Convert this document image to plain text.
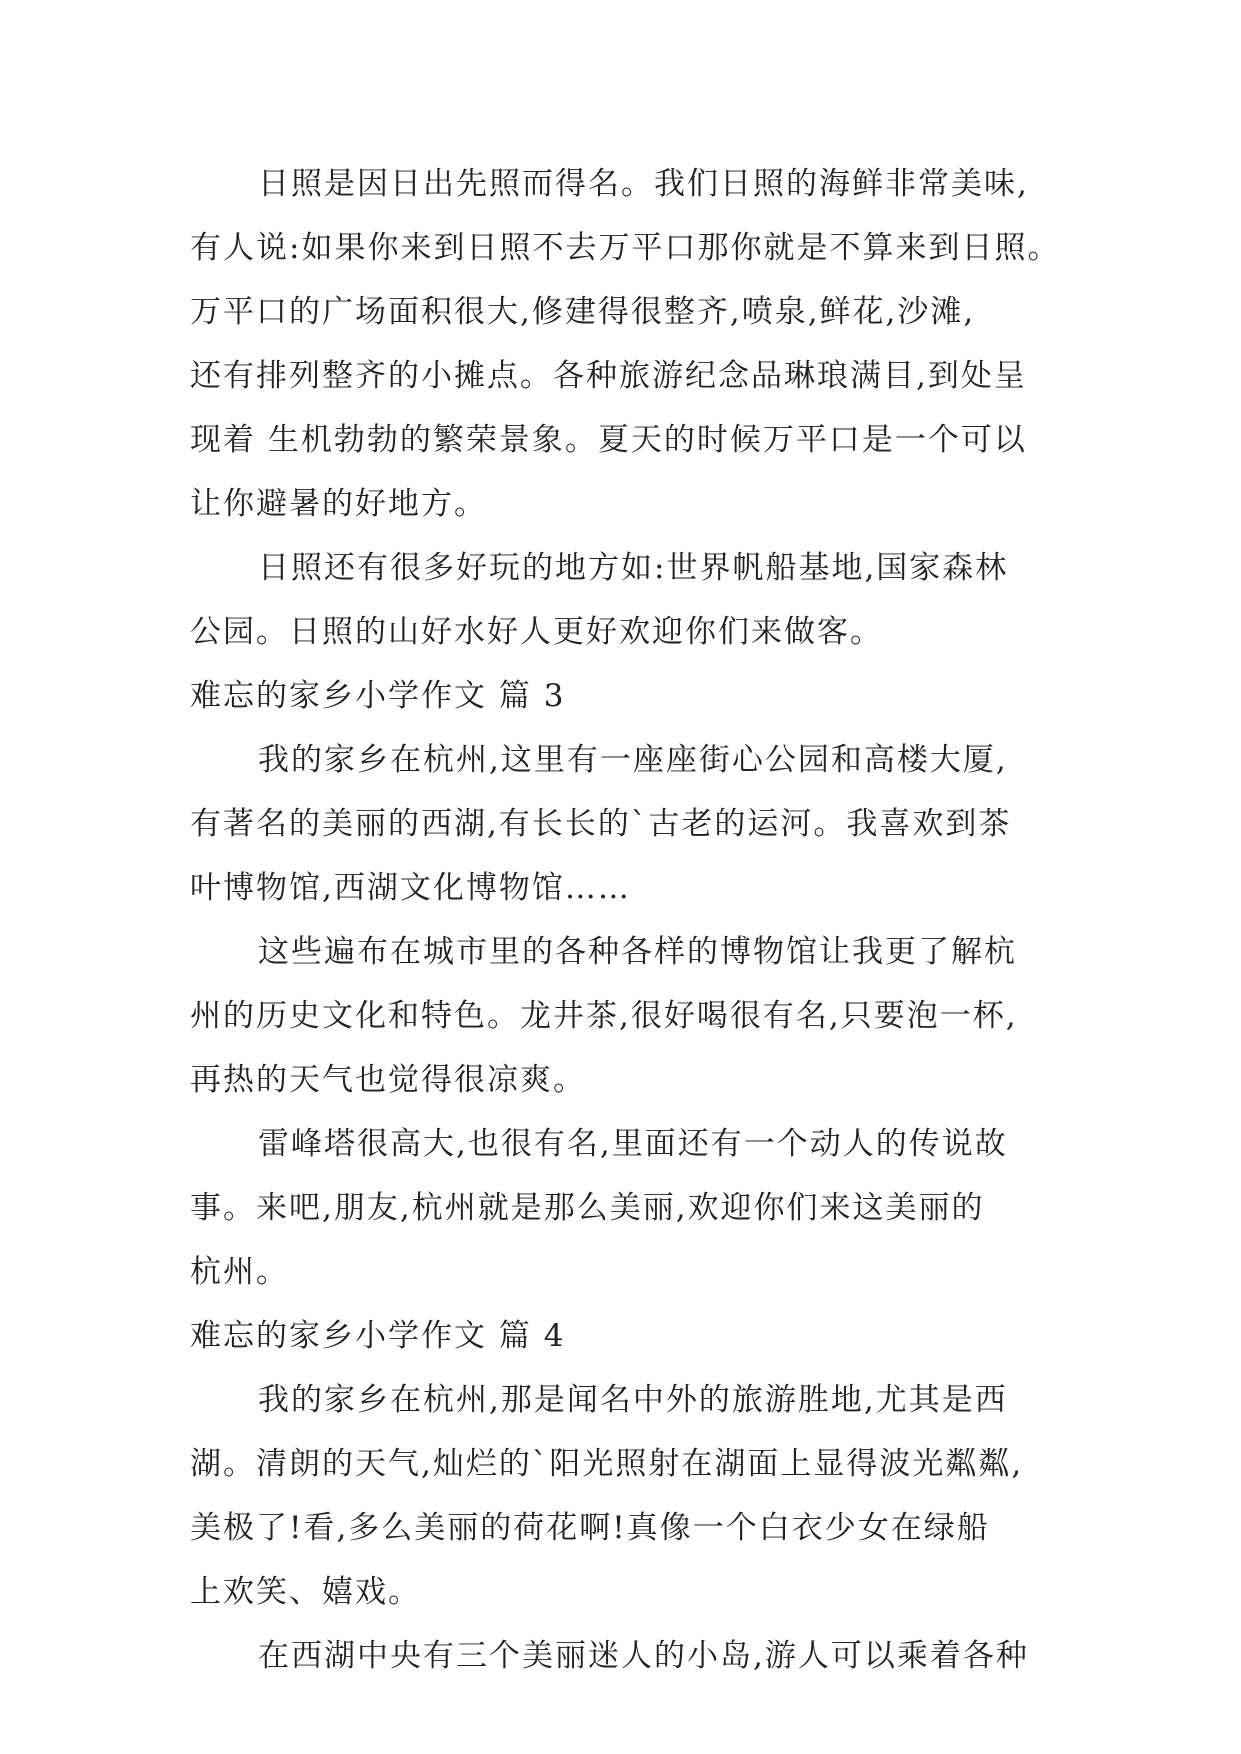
日照是因日出先照而得名。我们日照的海鲜非常美味,
有人说:如果你来到日照不去万平口那你就是不算来到日照。
万平口的广场面积很大,修建得很整齐,喷泉,鲜花,沙滩,
还有排列整齐的小摊点。各种旅游纪念品琳琅满目,到处呈
现着 生机勃勃的繁荣景象。夏天的时候万平口是一个可以
让你避暑的好地方。
日照还有很多好玩的地方如:世界帆船基地,国家森林
公园。日照的山好水好人更好欢迎你们来做客。
难忘的家乡小学作文 篇 3
我的家乡在杭州,这里有一座座街心公园和高楼大厦,
有著名的美丽的西湖,有长长的`古老的运河。我喜欢到茶
叶博物馆,西湖文化博物馆……
这些遍布在城市里的各种各样的博物馆让我更了解杭
州的历史文化和特色。龙井茶,很好喝很有名,只要泡一杯,
再热的天气也觉得很凉爽。
雷峰塔很高大,也很有名,里面还有一个动人的传说故
事。来吧,朋友,杭州就是那么美丽,欢迎你们来这美丽的
杭州。
难忘的家乡小学作文 篇 4
我的家乡在杭州,那是闻名中外的旅游胜地,尤其是西
湖。清朗的天气,灿烂的`阳光照射在湖面上显得波光粼粼,
美极了!看,多么美丽的荷花啊!真像一个白衣少女在绿船
上欢笑、嬉戏。
在西湖中央有三个美丽迷人的小岛,游人可以乘着各种
